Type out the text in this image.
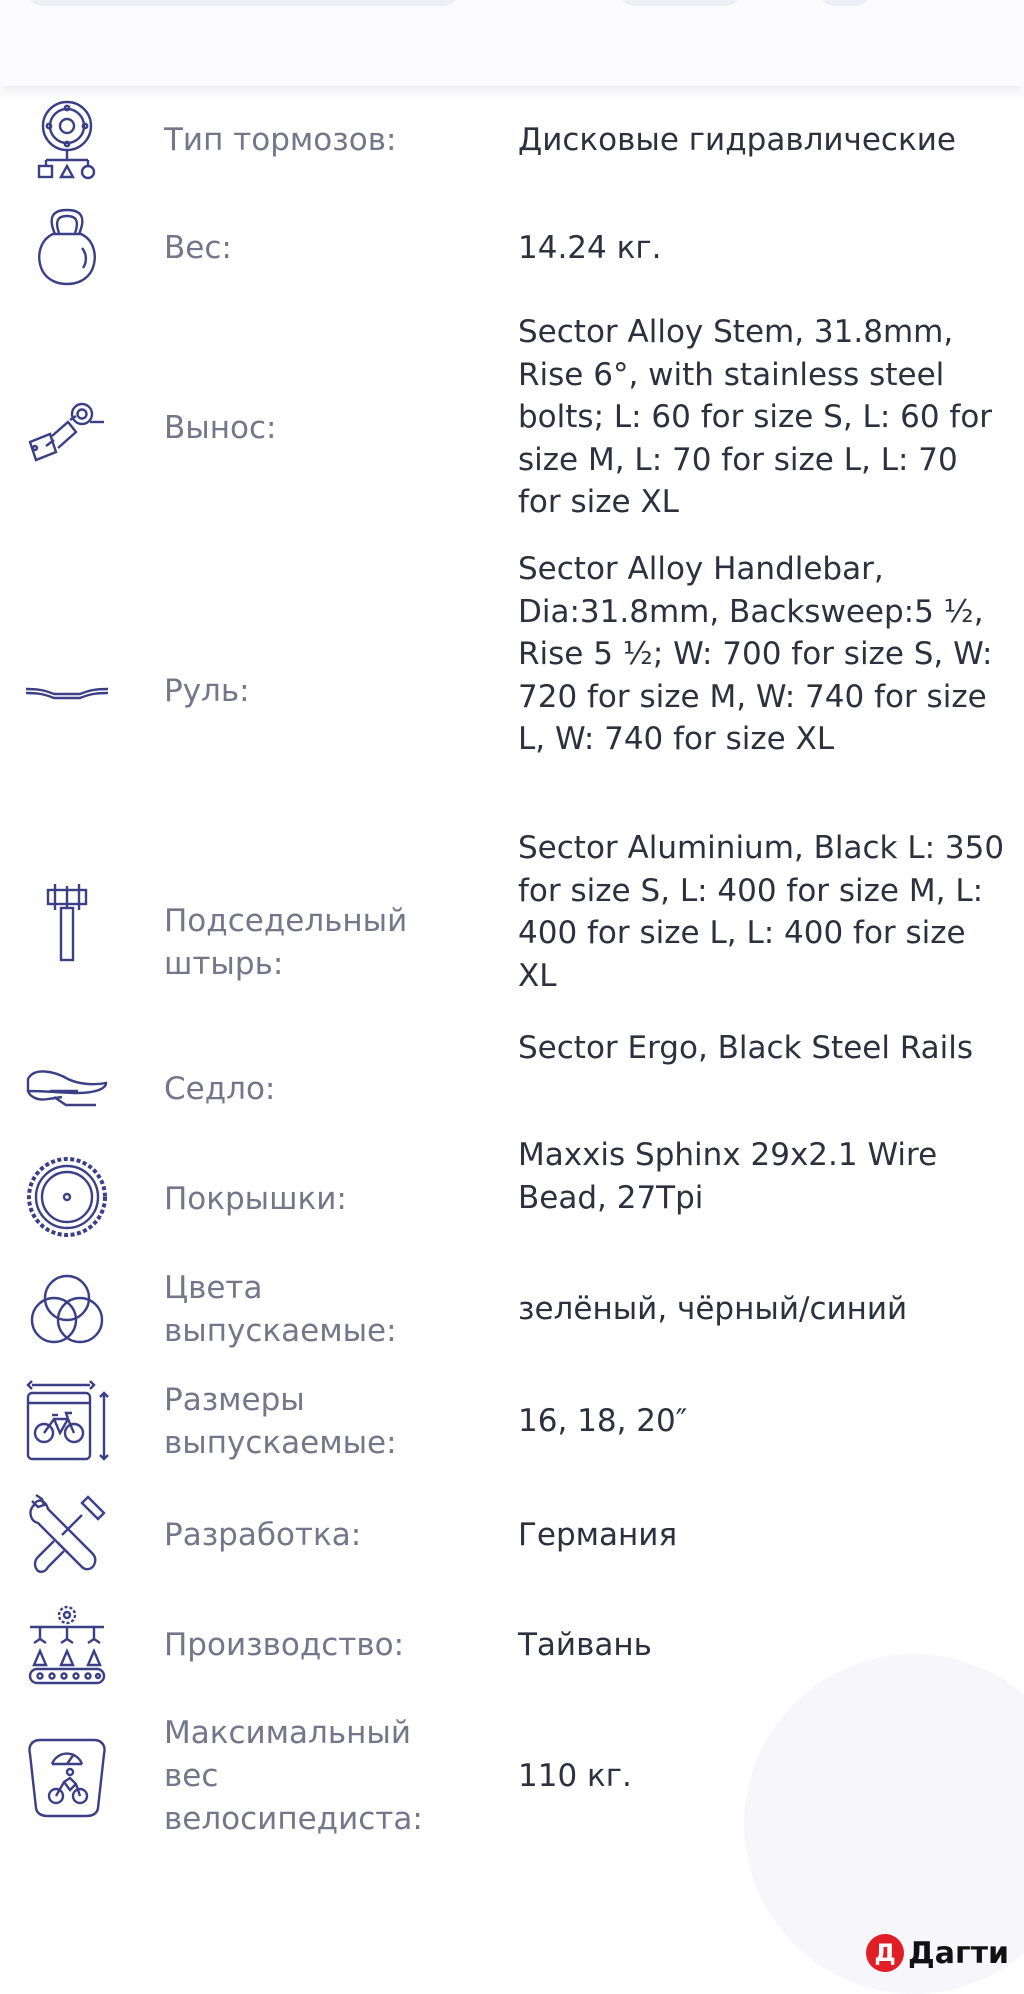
Тип тормозов:	Дисковые гидравлические
Вес:	14.24 кг.
Вынос:
Sector Alloy Stem, 31.8mm, Rise 6°, with stainless steel bolts; L: 60 for size S, L: 60 for size M, L: 70 for size L, L: 70 for size XL
Руль:
Sector Alloy Handlebar, Dia:31.8mm, Backsweep:5 ½, Rise 5 ½; W: 700 for size S, W: 720 for size M, W: 740 for size L, W: 740 for size XL
Подседельный штырь:
Sector Aluminium, Black L: 350 for size S, L: 400 for size M, L: 400 for size L, L: 400 for size XL
Седло:
Sector Ergo, Black Steel Rails
Покрышки:
Maxxis Sphinx 29x2.1 Wire Bead, 27Tpi
Цвета выпускаемые:
зелёный, чёрный/синий
Размеры выпускаемые:
16, 18, 20″
Разработка:	Германия
Производство:	Тайвань
Максимальный вес велосипедиста:
110 кг.
Д Дагти
